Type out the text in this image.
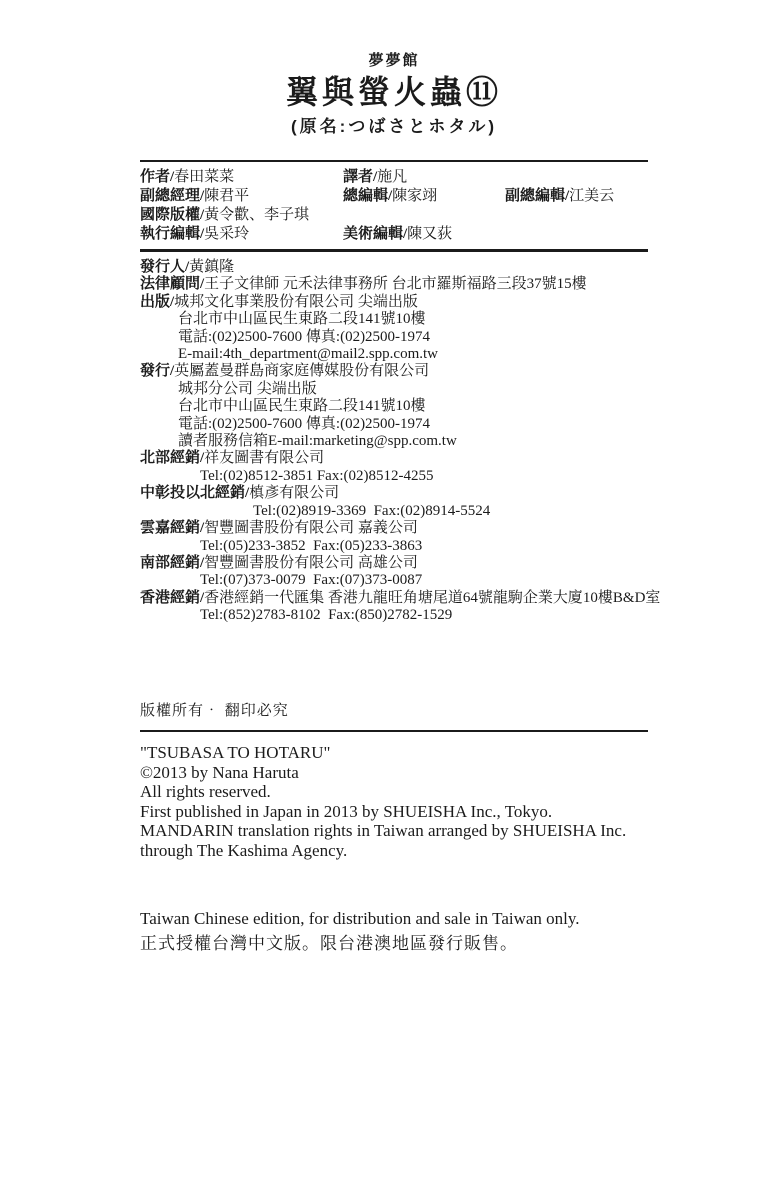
夢夢館
翼與螢火蟲⑪
(原名:つばさとホタル)
作者/春田菜菜	譯者/施凡
副總經理/陳君平	總編輯/陳家翊	副總編輯/江美云
國際版權/黃令歡、李子琪
執行編輯/吳采玲	美術編輯/陳又荻
發行人/黃鎮隆
法律顧問/王子文律師 元禾法律事務所 台北市羅斯福路三段37號15樓
出版/城邦文化事業股份有限公司 尖端出版
台北市中山區民生東路二段141號10樓
電話:(02)2500-7600 傳真:(02)2500-1974
E-mail:4th_department@mail2.spp.com.tw
發行/英屬蓋曼群島商家庭傳媒股份有限公司
城邦分公司 尖端出版
台北市中山區民生東路二段141號10樓
電話:(02)2500-7600 傳真:(02)2500-1974
讀者服務信箱E-mail:marketing@spp.com.tw
北部經銷/祥友圖書有限公司
Tel:(02)8512-3851 Fax:(02)8512-4255
中彰投以北經銷/槙彥有限公司
Tel:(02)8919-3369  Fax:(02)8914-5524
雲嘉經銷/智豐圖書股份有限公司 嘉義公司
Tel:(05)233-3852  Fax:(05)233-3863
南部經銷/智豐圖書股份有限公司 高雄公司
Tel:(07)373-0079  Fax:(07)373-0087
香港經銷/香港經銷一代匯集 香港九龍旺角塘尾道64號龍駒企業大廈10樓B&D室
Tel:(852)2783-8102  Fax:(850)2782-1529
版權所有‧ 翻印必究

"TSUBASA TO HOTARU"

©2013 by Nana Haruta

All rights reserved.

First published in Japan in 2013 by SHUEISHA Inc., Tokyo.

MANDARIN translation rights in Taiwan arranged by SHUEISHA Inc.

through The Kashima Agency.

Taiwan Chinese edition, for distribution and sale in Taiwan only.
正式授權台灣中文版。限台港澳地區發行販售。
